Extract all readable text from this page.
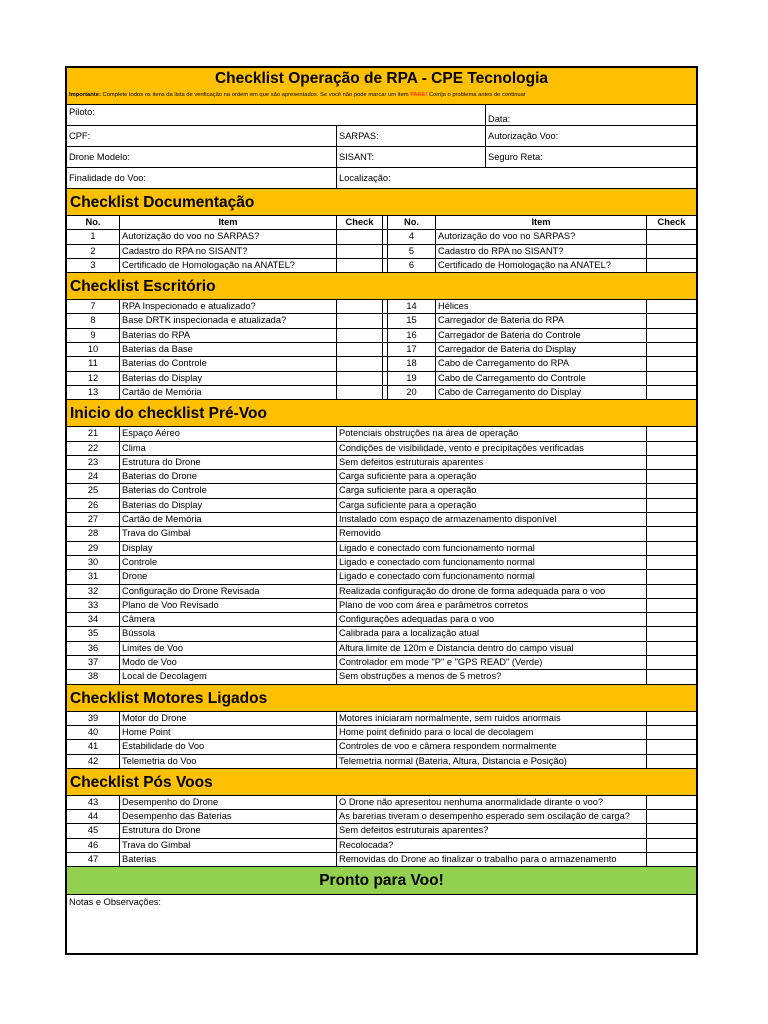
Checklist Operação de RPA - CPE Tecnologia
Importante: Complete todos os itens da lista de verificação na ordem em que são apresentados. Se você não pode marcar um item PARE! Corrija o problema antes de continuar
Piloto:
Data:
CPF:	SARPAS:	Autorização Voo:
Drone Modelo:	SISANT:	Seguro Reta:
Finalidade do Voo:	Localização:
Checklist Documentação
No.	Item	Check	No.	Item	Check
1	Autorização do voo no SARPAS?	4	Autorização do voo no SARPAS?
2	Cadastro do RPA no SISANT?	5	Cadastro do RPA no SISANT?
3	Certificado de Homologação na ANATEL?	6	Certificado de Homologação na ANATEL?
Checklist Escritório
7	RPA Inspecionado e atualizado?	14	Hélices
8	Base DRTK inspecionada e atualizada?	15	Carregador de Bateria do RPA
9	Baterias do RPA	16	Carregador de Bateria do Controle
10	Baterias da Base	17	Carregador de Bateria do Display
11	Baterias do Controle	18	Cabo de Carregamento do RPA
12	Baterias do Display	19	Cabo de Carregamento do Controle
13	Cartão de Memória	20	Cabo de Carregamento do Display
Inicio do checklist Pré-Voo
21	Espaço Aéreo	Potenciais obstruções na área de operação
22	Clima	Condições de visibilidade, vento e precipitações verificadas
23	Estrutura do Drone	Sem defeitos estruturais aparentes
24	Baterias do Drone	Carga suficiente para a operação
25	Baterias do Controle	Carga suficiente para a operação
26	Baterias do Display	Carga suficiente para a operação
27	Cartão de Memória	Instalado com espaço de armazenamento disponível
28	Trava do Gimbal	Removido
29	Display	Ligado e conectado com funcionamento normal
30	Controle	Ligado e conectado com funcionamento normal
31	Drone	Ligado e conectado com funcionamento normal
32	Configuração do Drone Revisada	Realizada configuração do drone de forma adequada para o voo
33	Plano de Voo Revisado	Plano de voo com área e parâmetros corretos
34	Câmera	Configurações adequadas para o voo
35	Bússola	Calibrada para a localização atual
36	Limites de Voo	Altura limite de 120m e Distancia dentro do campo visual
37	Modo de Voo	Controlador em mode "P" e "GPS READ" (Verde)
38	Local de Decolagem	Sem obstruções a menos de 5 metros?
Checklist Motores Ligados
39	Motor do Drone	Motores iniciaram normalmente, sem ruidos anormais
40	Home Point	Home point definido para o local de decolagem
41	Estabilidade do Voo	Controles de voo e câmera respondem normalmente
42	Telemetria do Voo	Telemetria normal (Bateria, Altura, Distancia e Posição)
Checklist Pós Voos
43	Desempenho do Drone	O Drone não apresentou nenhuma anormalidade dirante o voo?
44	Desempenho das Baterias	As barerias tiveram o desempenho esperado sem oscilação de carga?
45	Estrutura do Drone	Sem defeitos estruturais aparentes?
46	Trava do Gimbal	Recolocada?
47	Baterias	Removidas do Drone ao finalizar o trabalho para o armazenamento
Pronto para Voo!
Notas e Observações:
